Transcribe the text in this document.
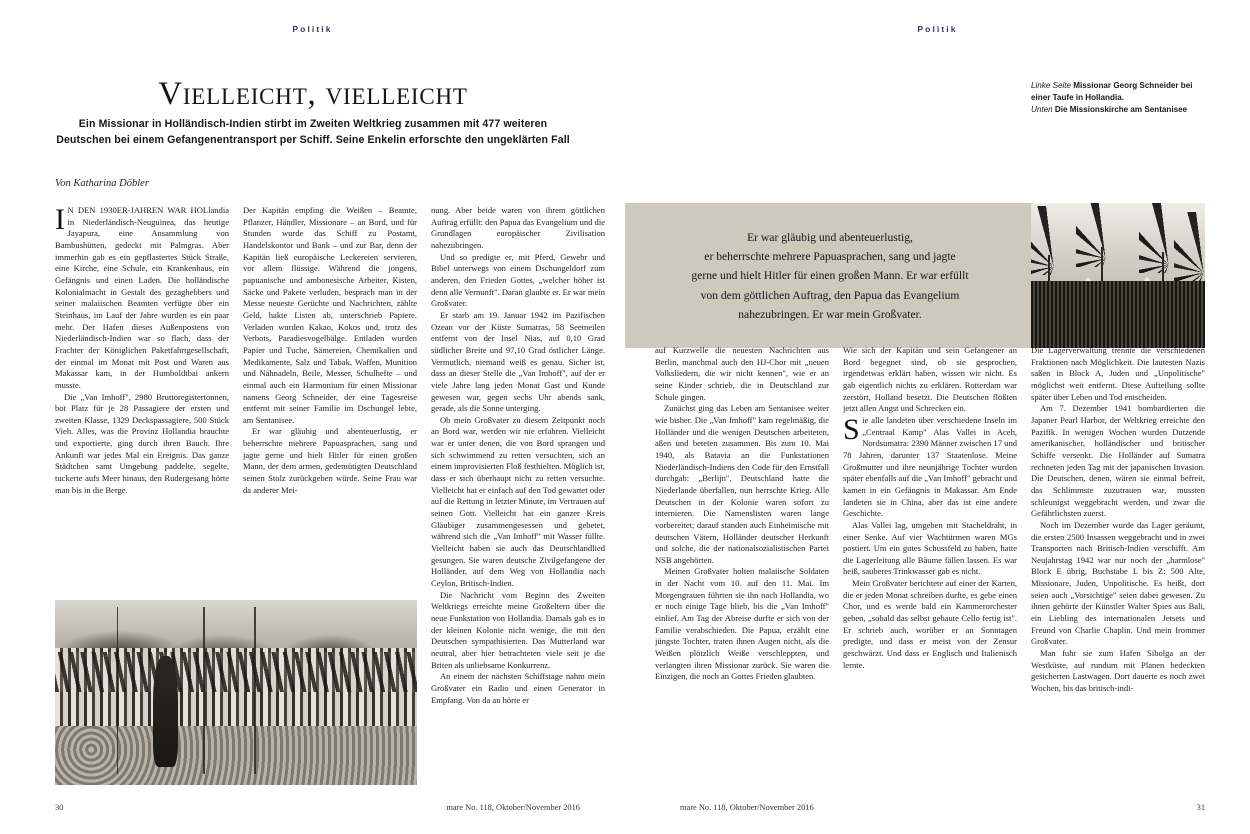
Politik
Vielleicht, vielleicht
Ein Missionar in Holländisch-Indien stirbt im Zweiten Weltkrieg zusammen mit 477 weiteren
Deutschen bei einem Gefangenentransport per Schiff. Seine Enkelin erforschte den ungeklärten Fall
Von Katharina Döbler

I N DEN 1930ER-JAHREN WAR HOLlandia in Niederländisch-Neuguinea, das heutige Jayapura, eine Ansammlung von Bambushütten, gedeckt mit Palmgras. Aber immerhin gab es ein gepflastertes Stück Straße, eine Kirche, eine Schule, ein Krankenhaus, ein Gefängnis und einen Laden. Die holländische Kolonialmacht in Gestalt des gezaghebbers und seiner malaiischen Beamten verfügte über ein Steinhaus, im Lauf der Jahre wurden es ein paar mehr. Der Hafen dieses Außenpostens von Niederländisch-Indien war so flach, dass der Frachter der Königlichen Paketfahrtgesellschaft, der einmal im Monat mit Post und Waren aus Makassar kam, in der Humboldtbai ankern musste.

Die „Van Imhoff", 2980 Bruttoregistertonnen, bot Platz für je 28 Passagiere der ersten und zweiten Klasse, 1329 Deckspassagiere, 500 Stück Vieh. Alles, was die Provinz Hollandia brauchte und exportierte, ging durch ihren Bauch. Ihre Ankunft war jedes Mal ein Ereignis. Das ganze Städtchen samt Umgebung paddelte, segelte, tuckerte aufs Meer hinaus, den Rudergesang hörte man bis in die Berge.

Der Kapitän empfing die Weißen – Beamte, Pflanzer, Händler, Missionare – an Bord, und für Stunden wurde das Schiff zu Postamt, Handelskontor und Bank – und zur Bar, denn der Kapitän ließ europäische Leckereien servieren, vor allem flüssige. Während die jongens, papuanische und ambonesische Arbeiter, Kisten, Säcke und Pakete verluden, besprach man in der Messe neueste Gerüchte und Nachrichten, zählte Geld, hakte Listen ab, unterschrieb Papiere. Verladen wurden Kakao, Kokos und, trotz des Verbots, Paradiesvogelbälge. Entladen wurden Papier und Tuche, Sämereien, Chemikalien und Medikamente, Salz und Tabak, Waffen, Munition und Nähnadeln, Beile, Messer, Schulhefte – und einmal auch ein Harmonium für einen Missionar namens Georg Schneider, der eine Tagesreise entfernt mit seiner Familie im Dschungel lebte, am Sentanisee.

Er war gläubig und abenteuerlustig, er beherrschte mehrere Papuasprachen, sang und jagte gerne und hielt Hitler für einen großen Mann, der dem armen, gedemütigten Deutschland seinen Stolz zurückgeben würde. Seine Frau war da anderer Mei-

nung. Aber beide waren von ihrem göttlichen Auftrag erfüllt: den Papua das Evangelium und die Grundlagen europäischer Zivilisation nahezubringen.

Und so predigte er, mit Pferd, Gewehr und Bibel unterwegs von einem Dschungeldorf zum anderen, den Frieden Gottes, „welcher höher ist denn alle Vernunft". Daran glaubte er. Er war mein Großvater.

Er starb am 19. Januar 1942 im Pazifischen Ozean vor der Küste Sumatras, 58 Seemeilen entfernt von der Insel Nias, auf 0,10 Grad südlicher Breite und 97,10 Grad östlicher Länge. Vermutlich, niemand weiß es genau. Sicher ist, dass an dieser Stelle die „Van Imhoff", auf der er viele Jahre lang jeden Monat Gast und Kunde gewesen war, gegen sechs Uhr abends sank, gerade, als die Sonne unterging.

Ob mein Großvater zu diesem Zeitpunkt noch an Bord war, werden wir nie erfahren. Vielleicht war er unter denen, die von Bord sprangen und sich schwimmend zu retten versuchten, sich an einem improvisierten Floß festhielten. Möglich ist, dass er sich überhaupt nicht zu retten versuchte. Vielleicht hat er einfach auf den Tod gewartet oder auf die Rettung in letzter Minute, im Vertrauen auf seinen Gott. Vielleicht hat ein ganzer Kreis Gläubiger zusammengesessen und gebetet, während sich die „Van Imhoff" mit Wasser füllte. Vielleicht haben sie auch das Deutschlandlied gesungen. Sie waren deutsche Zivilgefangene der Holländer, auf dem Weg von Hollandia nach Ceylon, Britisch-Indien.

Die Nachricht vom Beginn des Zweiten Weltkriegs erreichte meine Großeltern über die neue Funkstation von Hollandia. Damals gab es in der kleinen Kolonie nicht wenige, die mit den Deutschen sympathisierten. Das Mutterland war neutral, aber hier betrachteten viele seit je die Briten als unliebsame Konkurrenz.

An einem der nächsten Schiffstage nahm mein Großvater ein Radio und einen Generator in Empfang. Von da an hörte er

30	mare No. 118, Oktober/November 2016
Politik
31
mare No. 118, Oktober/November 2016
Er war gläubig und abenteuerlustig,
er beherrschte mehrere Papuasprachen, sang und jagte
gerne und hielt Hitler für einen großen Mann. Er war erfüllt
von dem göttlichen Auftrag, den Papua das Evangelium
nahezubringen. Er war mein Großvater.
Linke Seite Missionar Georg Schneider bei einer Taufe in Hollandia.
Unten Die Missionskirche am Sentanisee

auf Kurzwelle die neuesten Nachrichten aus Berlin, manchmal auch den HJ-Chor mit „neuen Volksliedern, die wir nicht kennen", wie er an seine Kinder schrieb, die in Deutschland zur Schule gingen.

Zunächst ging das Leben am Sentanisee weiter wie bisher. Die „Van Imhoff" kam regelmäßig, die Holländer und die wenigen Deutschen arbeiteten, aßen und beteten zusammen. Bis zum 10. Mai 1940, als Batavia an die Funkstationen Niederländisch-Indiens den Code für den Ernstfall durchgab: „Berlijn". Deutschland hatte die Niederlande überfallen, nun herrschte Krieg. Alle Deutschen in der Kolonie waren sofort zu internieren. Die Namenslisten waren lange vorbereitet; darauf standen auch Einheimische mit deutschen Vätern, Holländer deutscher Herkunft und solche, die der nationalsozialistischen Partei NSB angehörten.

Meinen Großvater holten malaiische Soldaten in der Nacht vom 10. auf den 11. Mai. Im Morgengrauen führten sie ihn nach Hollandia, wo er noch einige Tage blieb, bis die „Van Imhoff" einlief. Am Tag der Abreise durfte er sich von der Familie verabschieden. Die Papua, erzählt eine jüngste Tochter, traten ihnen Augen nicht, als die Weißen plötzlich Weiße verschleppten, und verlangten ihren Missionar zurück. Sie waren die Einzigen, die noch an Gottes Frieden glaubten.

Wie sich der Kapitän und sein Gefangener an Bord begegnet sind, ob sie gesprochen, irgendetwas erklärt haben, wissen wir nicht. Es gab eigentlich nichts zu erklären. Rotterdam war zerstört, Holland besetzt. Die Deutschen flößten jetzt allen Angst und Schrecken ein.

Sie alle landeten über verschiedene Inseln im „Centraal Kamp" Alas Vallei in Aceh, Nordsumatra: 2390 Männer zwischen 17 und 78 Jahren, darunter 137 Staatenlose. Meine Großmutter und ihre neunjährige Tochter wurden später ebenfalls auf die „Van Imhoff" gebracht und kamen in ein Gefängnis in Makassar. Am Ende landeten sie in China, aber das ist eine andere Geschichte.

Alas Vallei lag, umgeben mit Stacheldraht, in einer Senke. Auf vier Wachtürmen waren MGs postiert. Um ein gutes Schussfeld zu haben, hatte die Lagerleitung alle Bäume fällen lassen. Es war heiß, sauberes Trinkwasser gab es nicht.

Mein Großvater berichtete auf einer der Karten, die er jeden Monat schreiben durfte, es gebe einen Chor, und es werde bald ein Kammerorchester geben, „sobald das selbst gebaute Cello fertig ist". Er schrieb auch, worüber er an Sonntagen predigte, und dass er meist von der Zensur geschwärzt. Und dass er Englisch und Italienisch lernte.

Die Lagerverwaltung trennte die verschiedenen Fraktionen nach Möglichkeit. Die lautesten Nazis saßen in Block A, Juden und „Unpolitische" möglichst weit entfernt. Diese Aufteilung sollte später über Leben und Tod entscheiden.

Am 7. Dezember 1941 bombardierten die Japaner Pearl Harbor, der Weltkrieg erreichte den Pazifik. In wenigen Wochen wurden Dutzende amerikanischer, holländischer und britischer Schiffe versenkt. Die Holländer auf Sumatra rechneten jeden Tag mit der japanischen Invasion. Die Deutschen, denen, wären sie einmal befreit, das Schlimmste zuzutrauen war, mussten schleunigst weggebracht werden, und zwar die Gefährlichsten zuerst.

Noch im Dezember wurde das Lager geräumt, die ersten 2500 Insassen weggebracht und in zwei Transporten nach Britisch-Indien verschifft. Am Neujahrstag 1942 war nur noch der „harmlose" Block E übrig, Buchstabe L bis Z: 500 Alte, Missionare, Juden, Unpolitische. Es heißt, dort seien auch „Vorsichtige" seien dabei gewesen. Zu ihnen gehörte der Künstler Walter Spies aus Bali, ein Liebling des internationalen Jetsets und Freund von Charlie Chaplin. Und mein frommer Großvater.

Man fuhr sie zum Hafen Sibolga an der Westküste, auf rundum mit Planen bedeckten gesicherten Lastwagen. Dort dauerte es noch zwei Wochen, bis das britisch-indi-
